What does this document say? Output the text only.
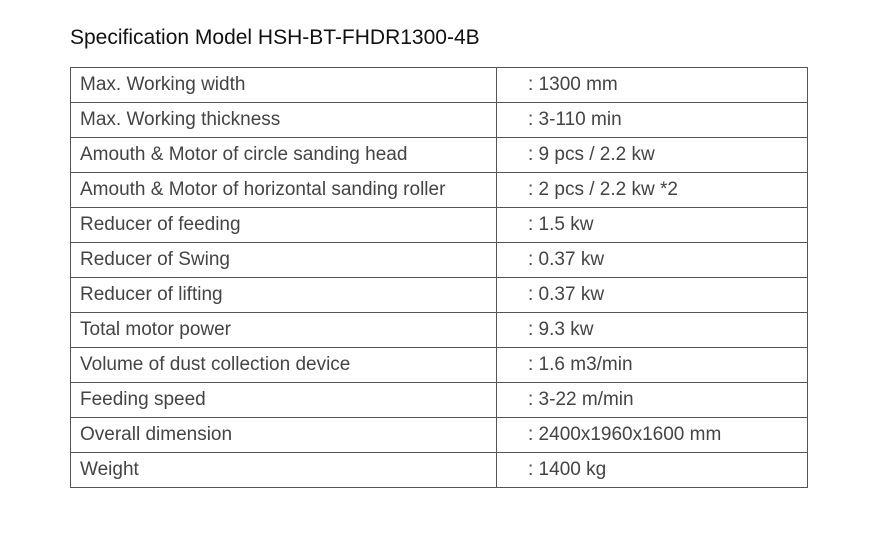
Specification Model HSH-BT-FHDR1300-4B
Max. Working width	: 1300 mm
Max. Working thickness	: 3-110 min
Amouth & Motor of circle sanding head	: 9 pcs / 2.2 kw
Amouth & Motor of horizontal sanding roller	: 2 pcs / 2.2 kw *2
Reducer of feeding	: 1.5 kw
Reducer of Swing	: 0.37 kw
Reducer of lifting	: 0.37 kw
Total motor power	: 9.3 kw
Volume of dust collection device	: 1.6 m3/min
Feeding speed	: 3-22 m/min
Overall dimension	: 2400x1960x1600 mm
Weight	: 1400 kg
